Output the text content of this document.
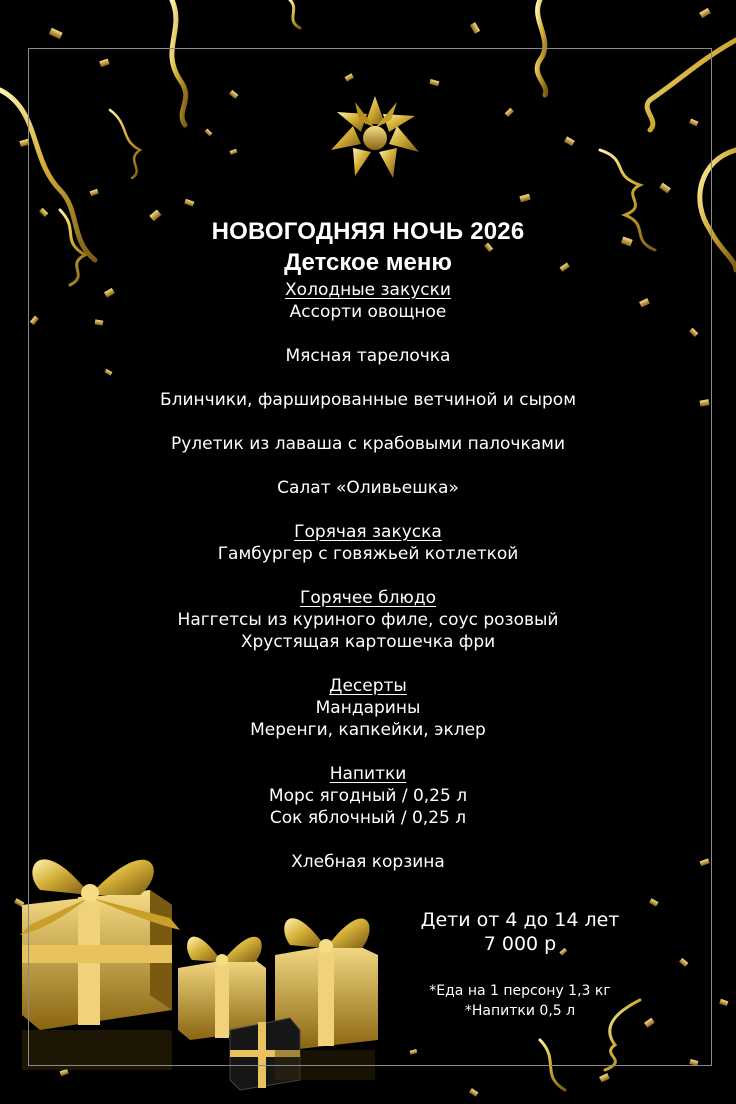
НОВОГОДНЯЯ НОЧЬ 2026

Детское меню

Холодные закуски

Ассорти овощное

Мясная тарелочка

Блинчики, фаршированные ветчиной и сыром

Рулетик из лаваша с крабовыми палочками

Салат «Оливьешка»

Горячая закуска

Гамбургер с говяжьей котлеткой

Горячее блюдо

Наггетсы из куриного филе, соус розовый

Хрустящая картошечка фри

Десерты

Мандарины

Меренги, капкейки, эклер

Напитки

Морс ягодный / 0,25 л

Сок яблочный / 0,25 л

Хлебная корзина

Дети от 4 до 14 лет

7 000 р

*Еда на 1 персону 1,3 кг

*Напитки 0,5 л
